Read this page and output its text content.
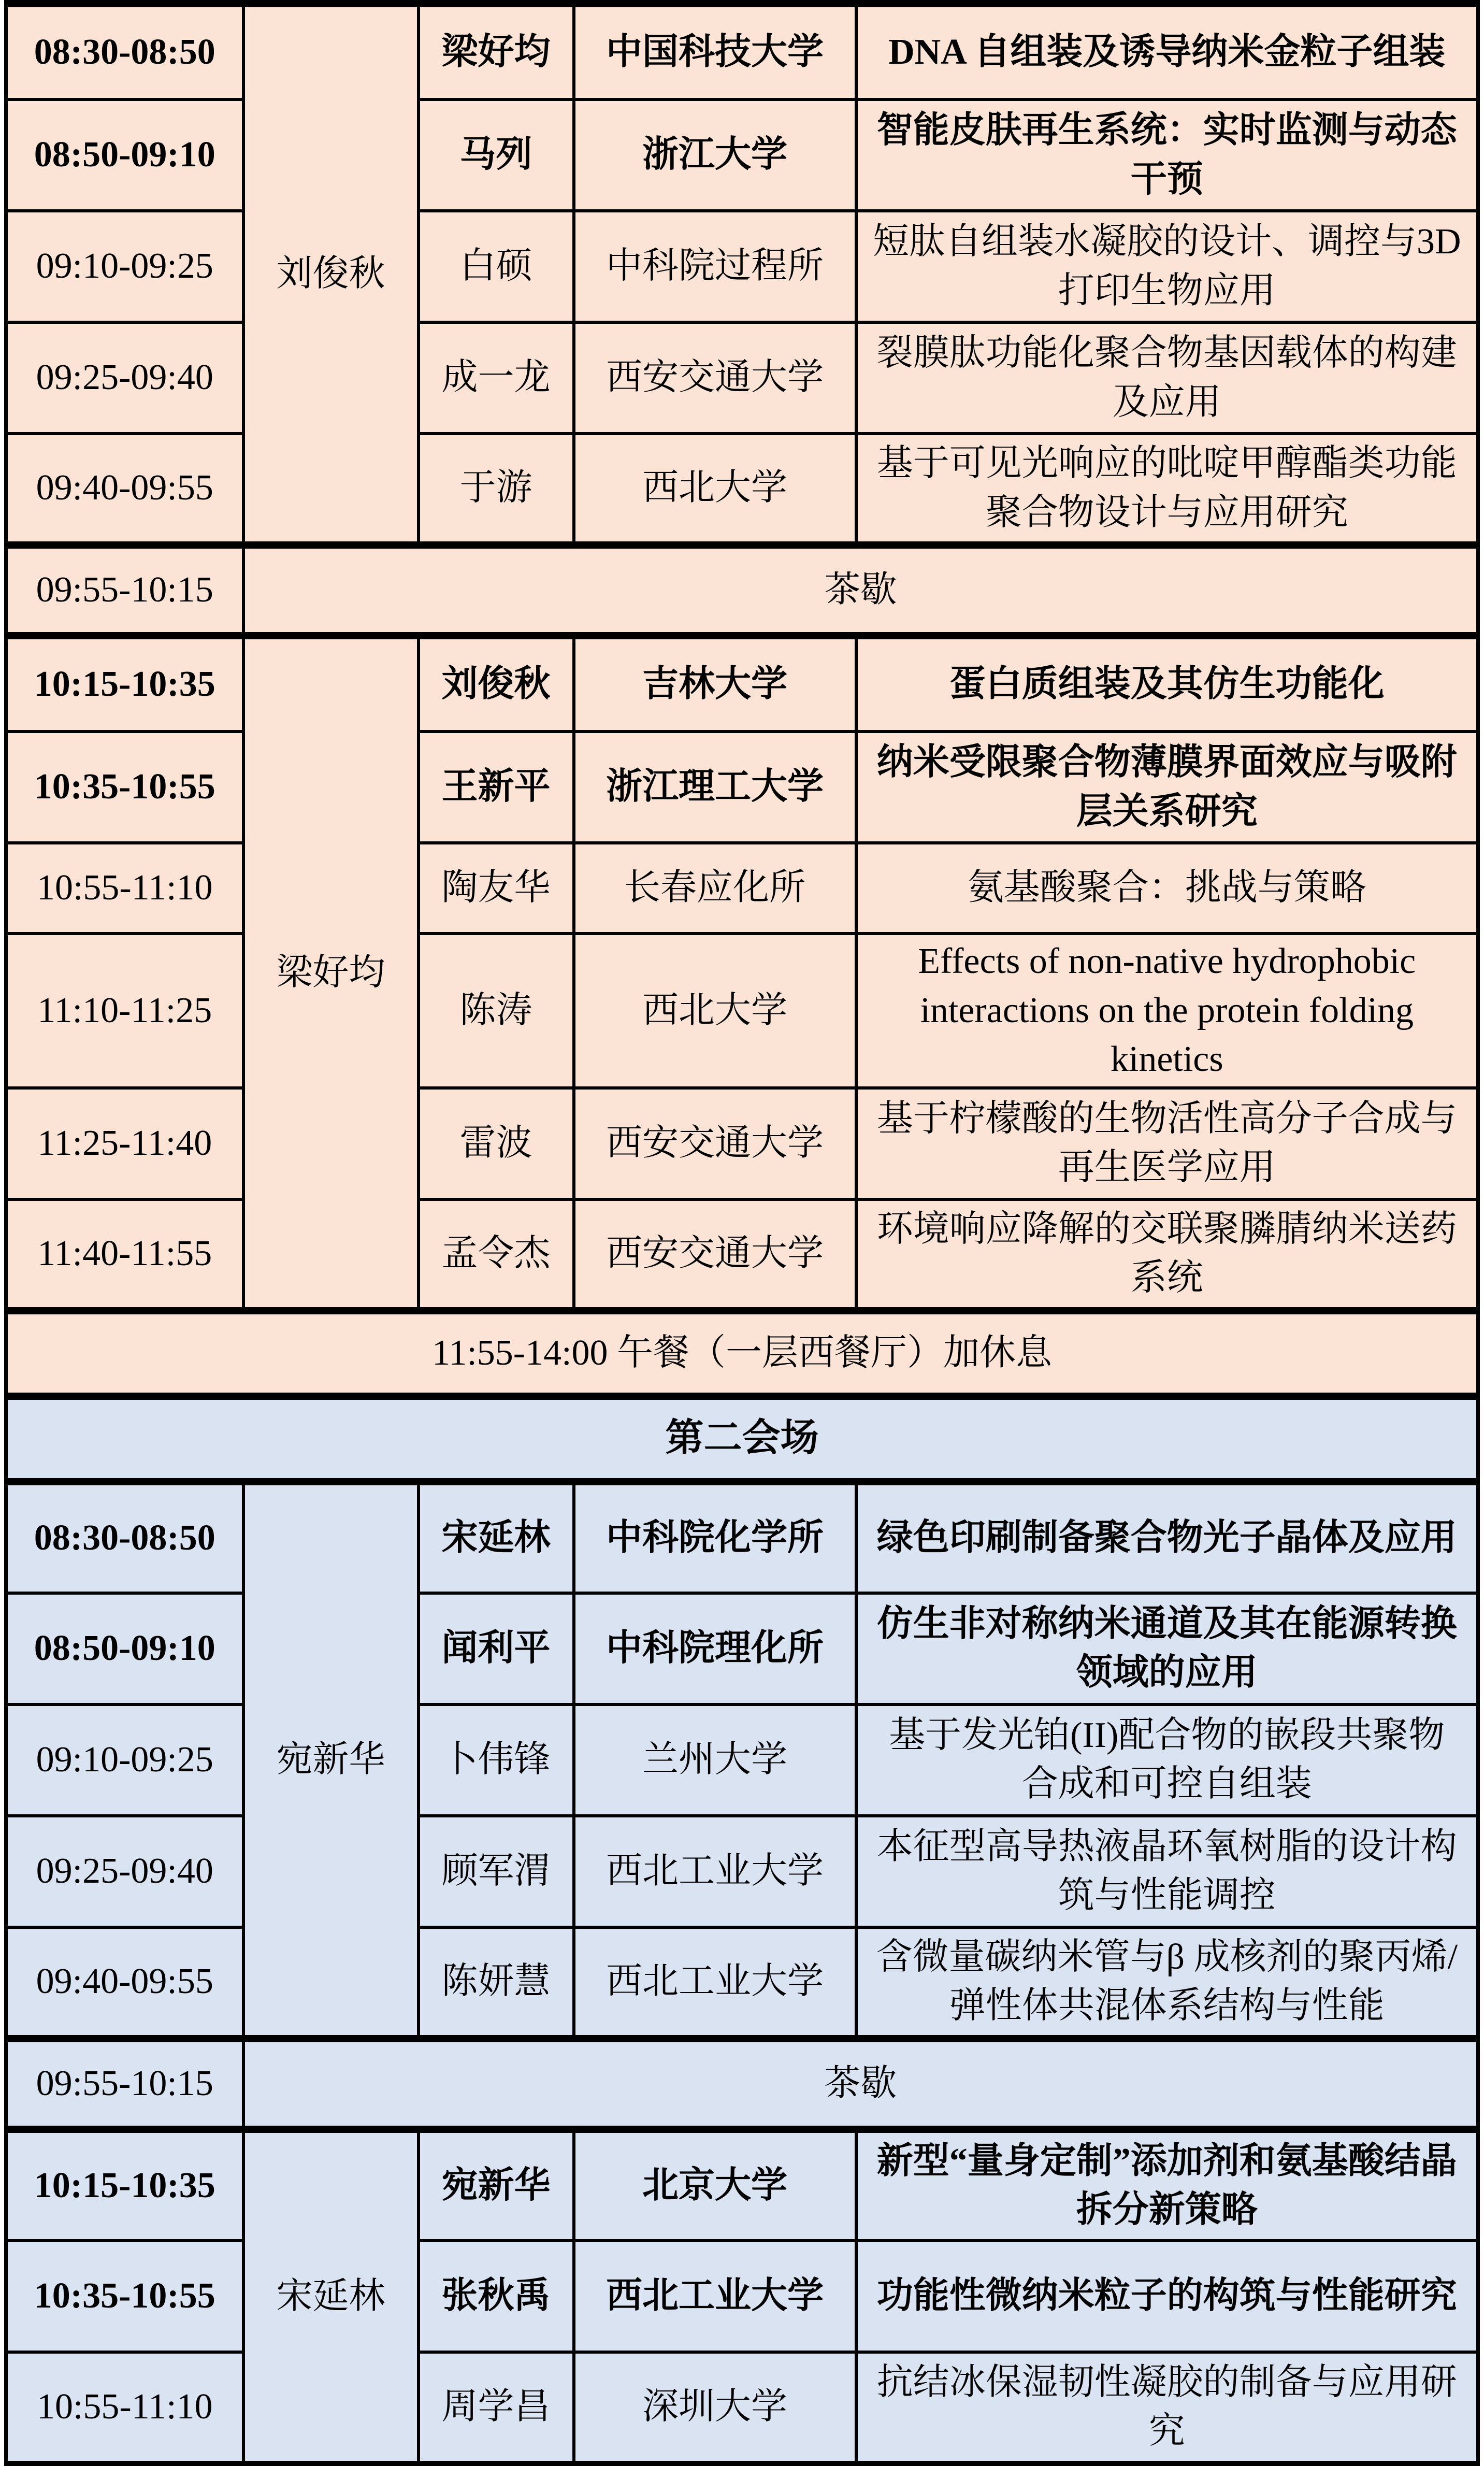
08:30-08:50	刘俊秋	梁好均	中国科技大学	DNA 自组装及诱导纳米金粒子组装
08:50-09:10		马列	浙江大学	智能皮肤再生系统：实时监测与动态干预
09:10-09:25		白硕	中科院过程所	短肽自组装水凝胶的设计、调控与3D 打印生物应用
09:25-09:40		成一龙	西安交通大学	裂膜肽功能化聚合物基因载体的构建及应用
09:40-09:55		于游	西北大学	基于可见光响应的吡啶甲醇酯类功能聚合物设计与应用研究
09:55-10:15	茶歇			
10:15-10:35	梁好均	刘俊秋	吉林大学	蛋白质组装及其仿生功能化
10:35-10:55		王新平	浙江理工大学	纳米受限聚合物薄膜界面效应与吸附层关系研究
10:55-11:10		陶友华	长春应化所	氨基酸聚合：挑战与策略
11:10-11:25		陈涛	西北大学	Effects of non-native hydrophobic interactions on the protein folding kinetics
11:25-11:40		雷波	西安交通大学	基于柠檬酸的生物活性高分子合成与再生医学应用
11:40-11:55		孟令杰	西安交通大学	环境响应降解的交联聚膦腈纳米送药系统
11:55-14:00 午餐（一层西餐厅）加休息				
第二会场				
08:30-08:50	宛新华	宋延林	中科院化学所	绿色印刷制备聚合物光子晶体及应用
08:50-09:10		闻利平	中科院理化所	仿生非对称纳米通道及其在能源转换领域的应用
09:10-09:25		卜伟锋	兰州大学	基于发光铂(II)配合物的嵌段共聚物合成和可控自组装
09:25-09:40		顾军渭	西北工业大学	本征型高导热液晶环氧树脂的设计构筑与性能调控
09:40-09:55		陈妍慧	西北工业大学	含微量碳纳米管与β 成核剂的聚丙烯/弹性体共混体系结构与性能
09:55-10:15	茶歇			
10:15-10:35	宋延林	宛新华	北京大学	新型“量身定制”添加剂和氨基酸结晶拆分新策略
10:35-10:55		张秋禹	西北工业大学	功能性微纳米粒子的构筑与性能研究
10:55-11:10		周学昌	深圳大学	抗结冰保湿韧性凝胶的制备与应用研究
